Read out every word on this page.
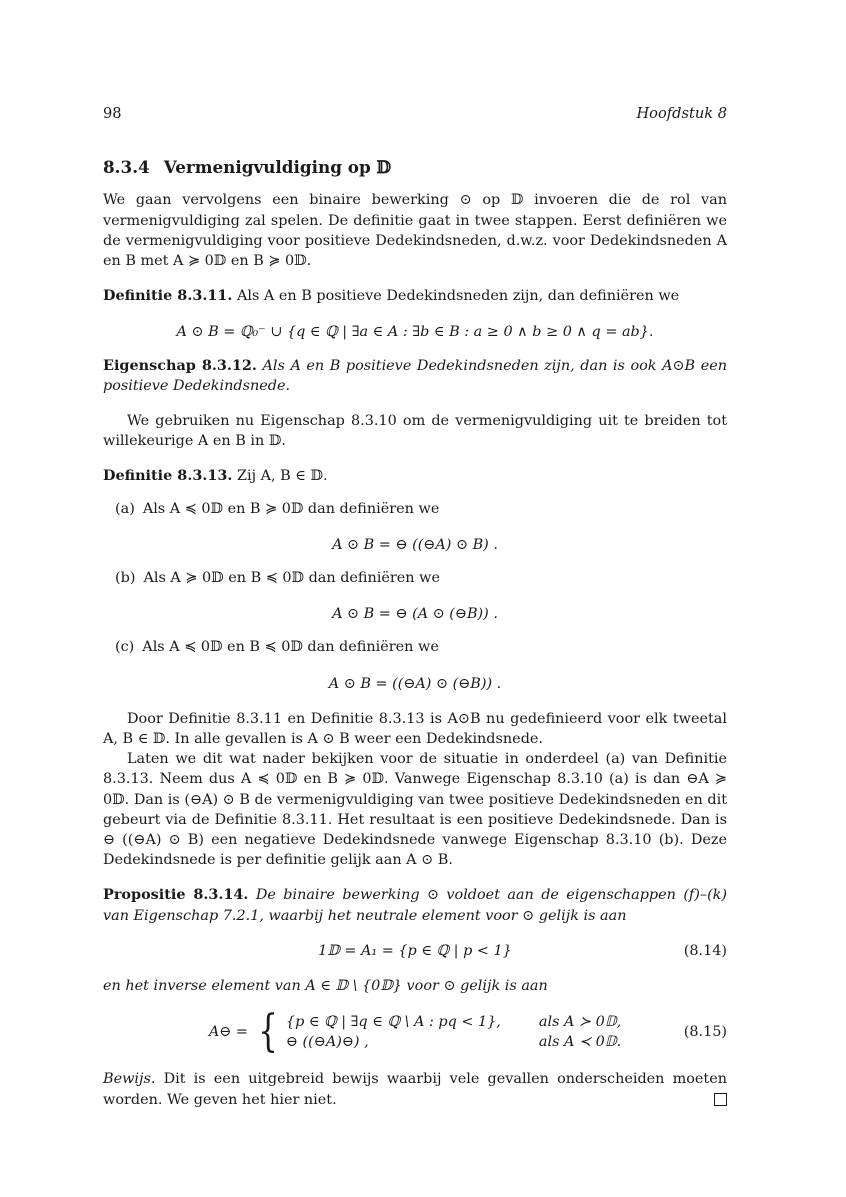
98	Hoofdstuk 8
8.3.4 Vermenigvuldiging op 𝔻

We gaan vervolgens een binaire bewerking ⊙ op 𝔻 invoeren die de rol van vermenigvuldiging zal spelen. De definitie gaat in twee stappen. Eerst definiëren we de vermenigvuldiging voor positieve Dedekindsneden, d.w.z. voor Dedekindsneden A en B met A ≽ 0𝔻 en B ≽ 0𝔻.

Definitie 8.3.11. Als A en B positieve Dedekindsneden zijn, dan definiëren we

A ⊙ B = ℚ₀⁻ ∪ {q ∈ ℚ | ∃a ∈ A : ∃b ∈ B : a ≥ 0 ∧ b ≥ 0 ∧ q = ab}.

Eigenschap 8.3.12. Als A en B positieve Dedekindsneden zijn, dan is ook A⊙B een positieve Dedekindsnede.

We gebruiken nu Eigenschap 8.3.10 om de vermenigvuldiging uit te breiden tot willekeurige A en B in 𝔻.

Definitie 8.3.13. Zij A, B ∈ 𝔻.

(a) Als A ≼ 0𝔻 en B ≽ 0𝔻 dan definiëren we
A ⊙ B = ⊖ ((⊖A) ⊙ B) .
(b) Als A ≽ 0𝔻 en B ≼ 0𝔻 dan definiëren we
A ⊙ B = ⊖ (A ⊙ (⊖B)) .
(c) Als A ≼ 0𝔻 en B ≼ 0𝔻 dan definiëren we
A ⊙ B = ((⊖A) ⊙ (⊖B)) .

Door Definitie 8.3.11 en Definitie 8.3.13 is A⊙B nu gedefinieerd voor elk tweetal A, B ∈ 𝔻. In alle gevallen is A ⊙ B weer een Dedekindsnede.

Laten we dit wat nader bekijken voor de situatie in onderdeel (a) van Definitie 8.3.13. Neem dus A ≼ 0𝔻 en B ≽ 0𝔻. Vanwege Eigenschap 8.3.10 (a) is dan ⊖A ≽ 0𝔻. Dan is (⊖A) ⊙ B de vermenigvuldiging van twee positieve Dedekindsneden en dit gebeurt via de Definitie 8.3.11. Het resultaat is een positieve Dedekindsnede. Dan is ⊖ ((⊖A) ⊙ B) een negatieve Dedekindsnede vanwege Eigenschap 8.3.10 (b). Deze Dedekindsnede is per definitie gelijk aan A ⊙ B.

Propositie 8.3.14. De binaire bewerking ⊙ voldoet aan de eigenschappen (f)–(k) van Eigenschap 7.2.1, waarbij het neutrale element voor ⊙ gelijk is aan

1𝔻 = A₁ = {p ∈ ℚ | p < 1}	(8.14)

en het inverse element van A ∈ 𝔻 \ {0𝔻} voor ⊙ gelijk is aan

A⊖ = { {p ∈ ℚ | ∃q ∈ ℚ \ A : pq < 1},	als A ≻ 0𝔻,
⊖ ((⊖A)⊖) ,	als A ≺ 0𝔻.
(8.15)

Bewijs. Dit is een uitgebreid bewijs waarbij vele gevallen onderscheiden moeten worden. We geven het hier niet.
